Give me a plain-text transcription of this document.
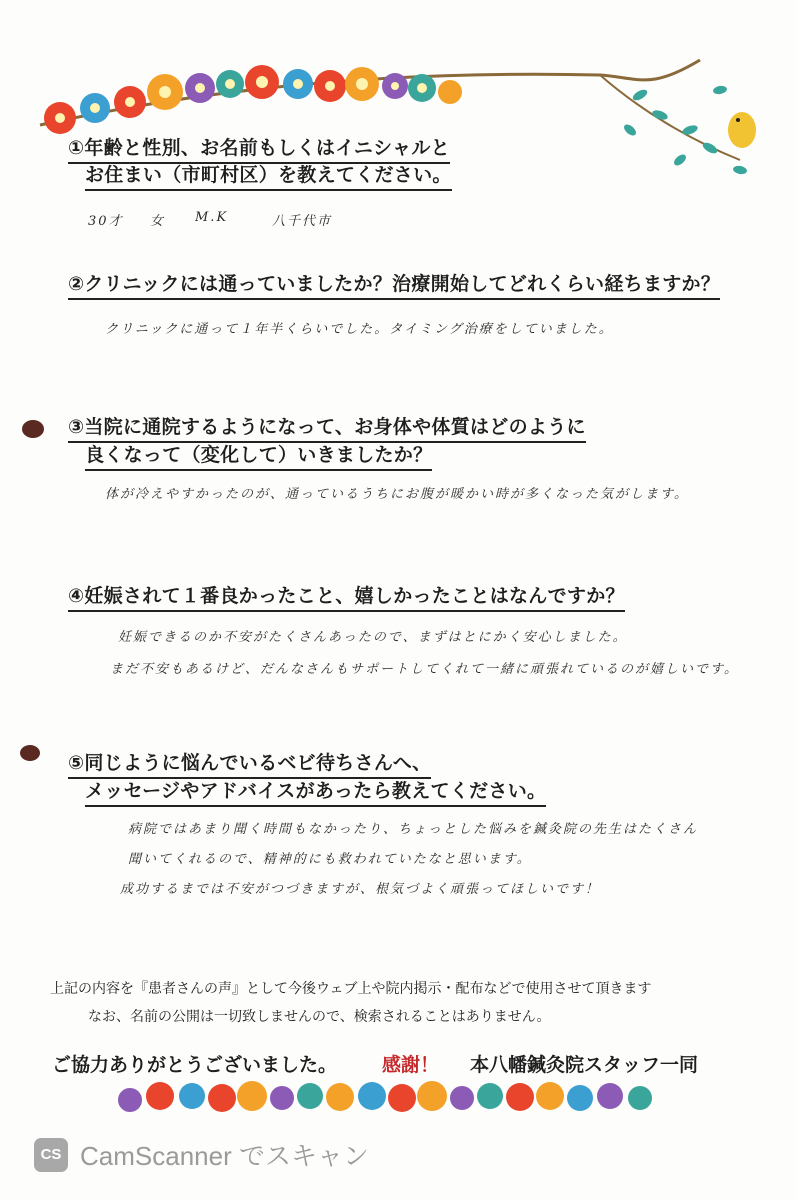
①年齢と性別、お名前もしくはイニシャルと
お住まい（市町村区）を教えてください。
30才 女 M.K	八千代市
②クリニックには通っていましたか？治療開始してどれくらい経ちますか？
クリニックに通って１年半くらいでした。タイミング治療をしていました。
③当院に通院するようになって、お身体や体質はどのように
良くなって（変化して）いきましたか？
体が冷えやすかったのが、通っているうちにお腹が暖かい時が多くなった気がします。
④妊娠されて１番良かったこと、嬉しかったことはなんですか？
妊娠できるのか不安がたくさんあったので、まずはとにかく安心しました。
まだ不安もあるけど、だんなさんもサポートしてくれて一緒に頑張れているのが嬉しいです。
⑤同じように悩んでいるベビ待ちさんへ、
メッセージやアドバイスがあったら教えてください。
病院ではあまり聞く時間もなかったり、ちょっとした悩みを鍼灸院の先生はたくさん
聞いてくれるので、精神的にも救われていたなと思います。
成功するまでは不安がつづきますが、根気づよく頑張ってほしいです！
上記の内容を『患者さんの声』として今後ウェブ上や院内掲示・配布などで使用させて頂きます
なお、名前の公開は一切致しませんので、検索されることはありません。
ご協力ありがとうございました。 感謝！ 本八幡鍼灸院スタッフ一同
CS CamScanner でスキャン
